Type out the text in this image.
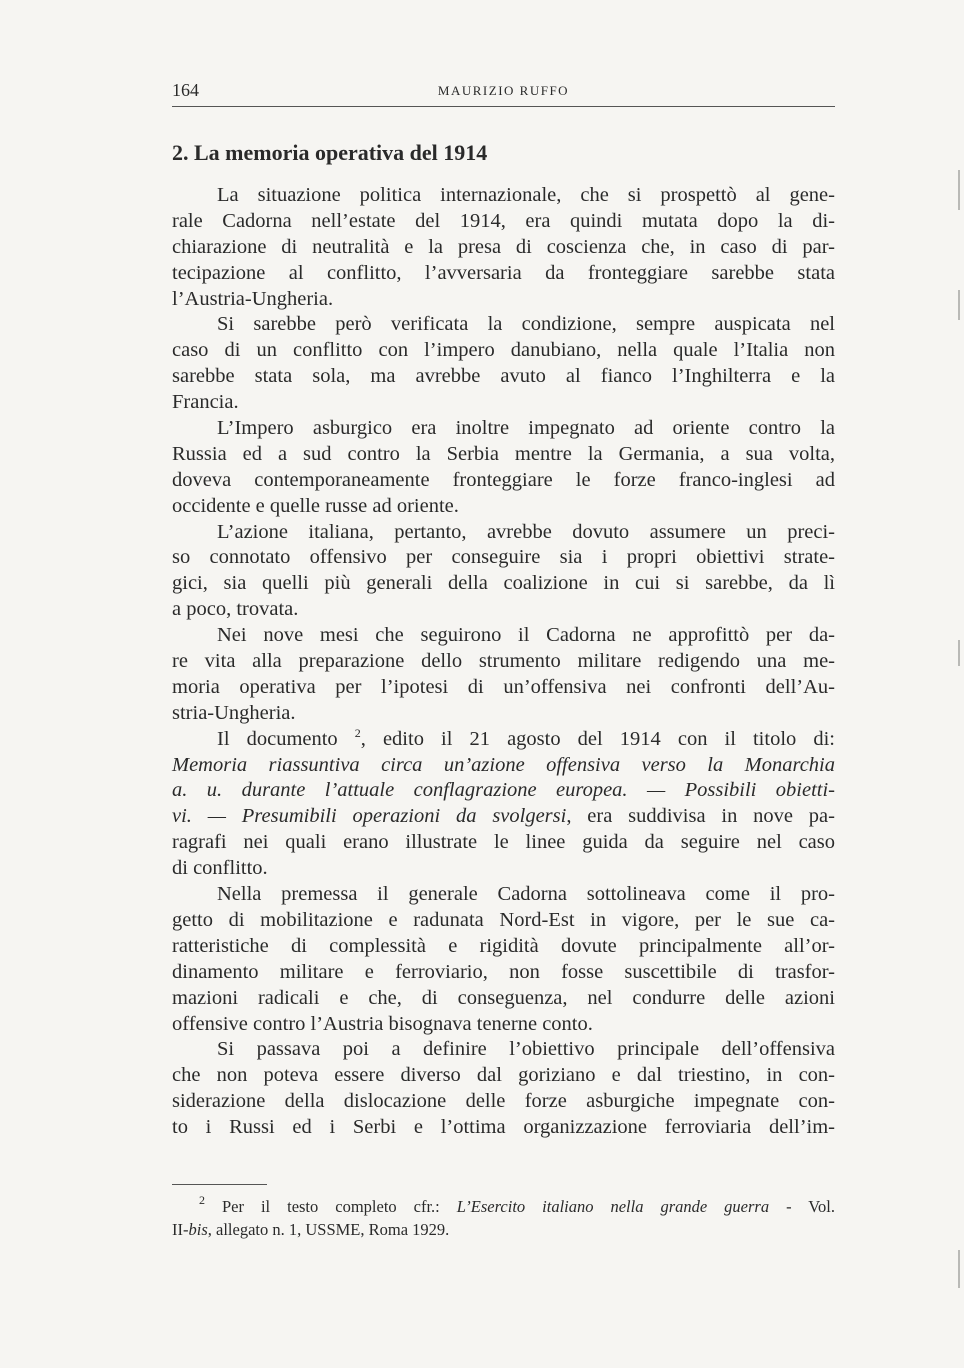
164	MAURIZIO RUFFO
2. La memoria operativa del 1914
La situazione politica internazionale, che si prospettò al gene-
rale Cadorna nell’estate del 1914, era quindi mutata dopo la di-
chiarazione di neutralità e la presa di coscienza che, in caso di par-
tecipazione al conflitto, l’avversaria da fronteggiare sarebbe stata
l’Austria-Ungheria.
Si sarebbe però verificata la condizione, sempre auspicata nel
caso di un conflitto con l’impero danubiano, nella quale l’Italia non
sarebbe stata sola, ma avrebbe avuto al fianco l’Inghilterra e la
Francia.
L’Impero asburgico era inoltre impegnato ad oriente contro la
Russia ed a sud contro la Serbia mentre la Germania, a sua volta,
doveva contemporaneamente fronteggiare le forze franco-inglesi ad
occidente e quelle russe ad oriente.
L’azione italiana, pertanto, avrebbe dovuto assumere un preci-
so connotato offensivo per conseguire sia i propri obiettivi strate-
gici, sia quelli più generali della coalizione in cui si sarebbe, da lì
a poco, trovata.
Nei nove mesi che seguirono il Cadorna ne approfittò per da-
re vita alla preparazione dello strumento militare redigendo una me-
moria operativa per l’ipotesi di un’offensiva nei confronti dell’Au-
stria-Ungheria.
Il documento $^2$, edito il 21 agosto del 1914 con il titolo di:
Memoria riassuntiva circa un’azione offensiva verso la Monarchia
a. u. durante l’attuale conflagrazione europea. — Possibili obietti-
vi. — Presumibili operazioni da svolgersi, era suddivisa in nove pa-
ragrafi nei quali erano illustrate le linee guida da seguire nel caso
di conflitto.
Nella premessa il generale Cadorna sottolineava come il pro-
getto di mobilitazione e radunata Nord-Est in vigore, per le sue ca-
ratteristiche di complessità e rigidità dovute principalmente all’or-
dinamento militare e ferroviario, non fosse suscettibile di trasfor-
mazioni radicali e che, di conseguenza, nel condurre delle azioni
offensive contro l’Austria bisognava tenerne conto.
Si passava poi a definire l’obiettivo principale dell’offensiva
che non poteva essere diverso dal goriziano e dal triestino, in con-
siderazione della dislocazione delle forze asburgiche impegnate con-
to i Russi ed i Serbi e l’ottima organizzazione ferroviaria dell’im-
$^2$ Per il testo completo cfr.: L’Esercito italiano nella grande guerra - Vol.
II-bis, allegato n. 1, USSME, Roma 1929.
